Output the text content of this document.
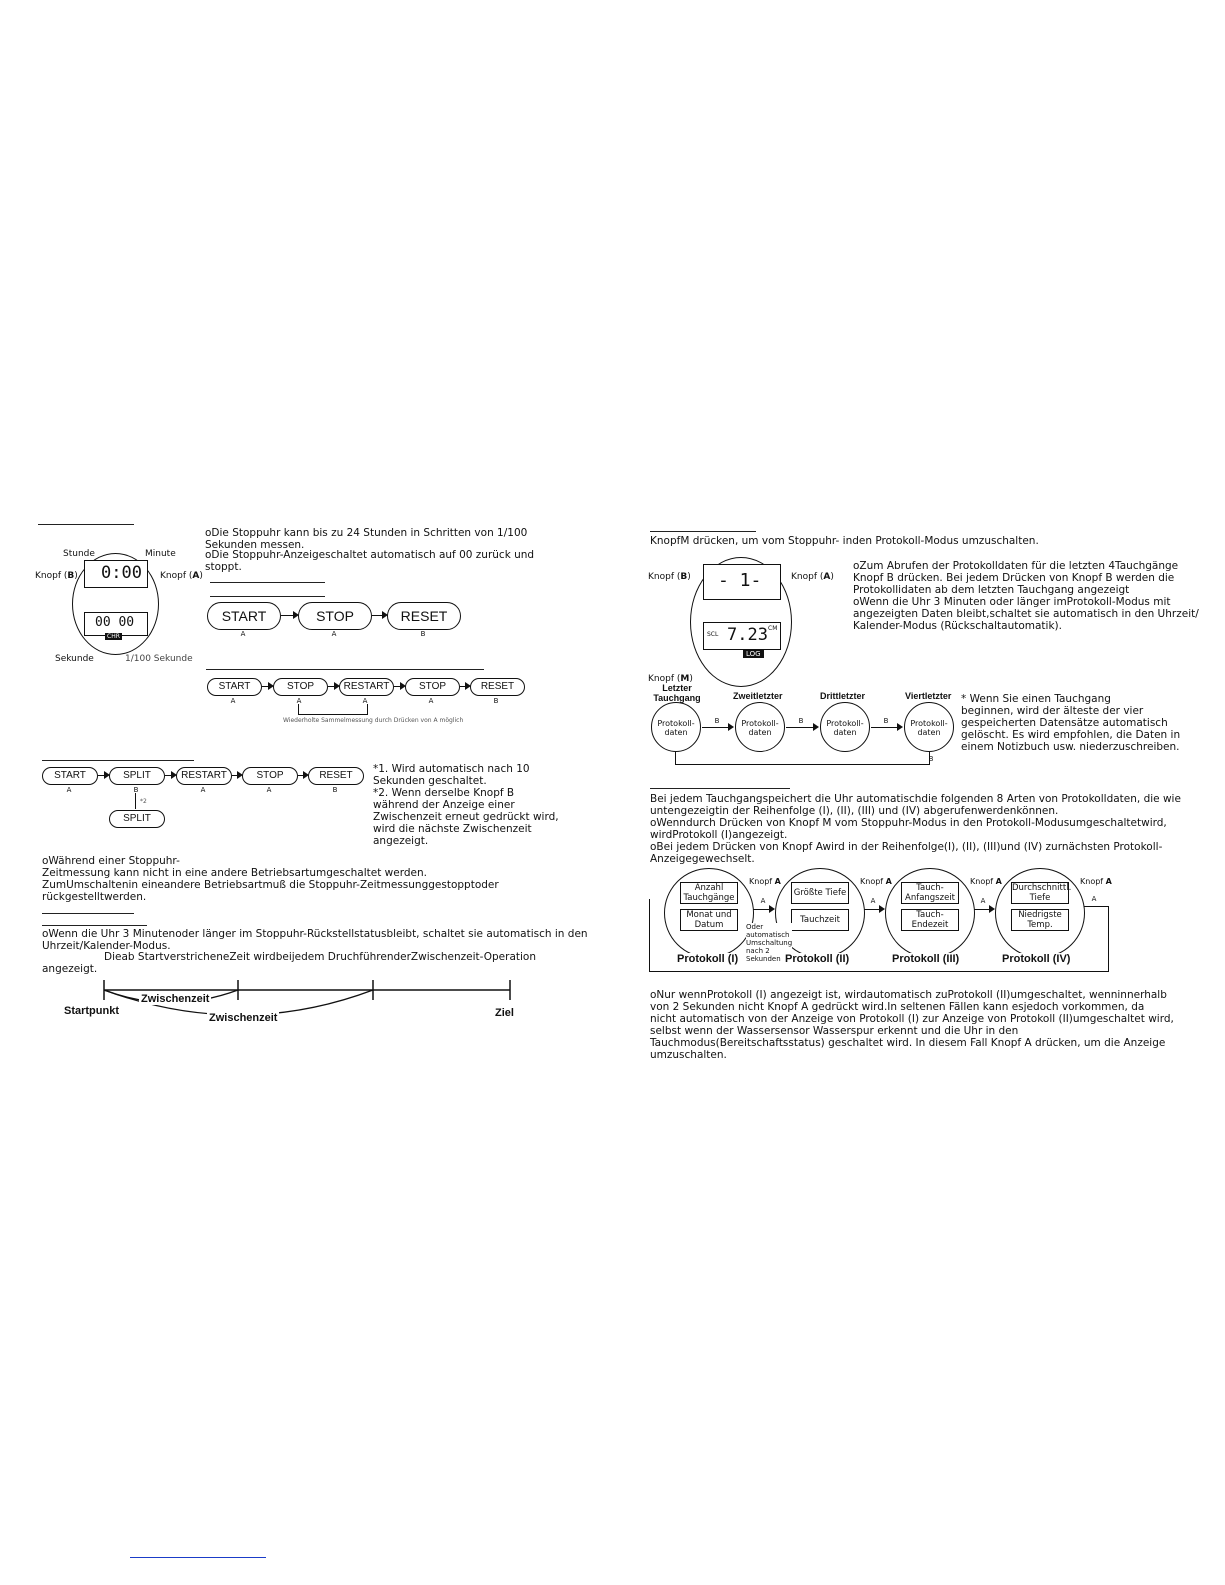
oDie Stoppuhr kann bis zu 24 Stunden in Schritten von 1/100
Sekunden messen.
oDie Stoppuhr-Anzeigeschaltet automatisch auf 00 zurück und
stoppt.
Stunde	Minute
Knopf (B)	Knopf (A)
0:00
00 00
CHR
Sekunde	1/100 Sekunde
START	STOP	RESET
A	A	B
START	STOP	RESTART	STOP	RESET
A	A	A	A	B
Wiederholte Sammelmessung durch Drücken von A möglich
START	SPLIT	RESTART	STOP	RESET
A	B	A	A	B
*2
SPLIT
*1. Wird automatisch nach 10
Sekunden geschaltet.
*2. Wenn derselbe Knopf B
während der Anzeige einer
Zwischenzeit erneut gedrückt wird,
wird die nächste Zwischenzeit
angezeigt.
oWährend einer Stoppuhr-
Zeitmessung kann nicht in eine andere Betriebsartumgeschaltet werden.
ZumUmschaltenin eineandere Betriebsartmuß die Stoppuhr-Zeitmessunggestopptoder
rückgestelltwerden.
oWenn die Uhr 3 Minutenoder länger im Stoppuhr-Rückstellstatusbleibt, schaltet sie automatisch in den
Uhrzeit/Kalender-Modus.
Dieab StartverstricheneZeit wirdbeijedem DruchführenderZwischenzeit-Operation
angezeigt.
Zwischenzeit
Zwischenzeit
Startpunkt	Ziel
KnopfM drücken, um vom Stoppuhr- inden Protokoll-Modus umzuschalten.
Knopf (B)	Knopf (A)
Knopf (M)
- 1-
SCL 7.23 CM
LOG
oZum Abrufen der Protokolldaten für die letzten 4Tauchgänge
Knopf B drücken. Bei jedem Drücken von Knopf B werden die
Protokollidaten ab dem letzten Tauchgang angezeigt
oWenn die Uhr 3 Minuten oder länger imProtokoll-Modus mit
angezeigten Daten bleibt,schaltet sie automatisch in den Uhrzeit/
Kalender-Modus (Rückschaltautomatik).
Letzter
Tauchgang	Zweitletzter	Drittletzter	Viertletzter
Protokoll-
daten
Protokoll-
daten
Protokoll-
daten
Protokoll-
daten
B	B	B
B
* Wenn Sie einen Tauchgang
beginnen, wird der älteste der vier
gespeicherten Datensätze automatisch
gelöscht. Es wird empfohlen, die Daten in
einem Notizbuch usw. niederzuschreiben.
Bei jedem Tauchgangspeichert die Uhr automatischdie folgenden 8 Arten von Protokolldaten, die wie
untengezeigtin der Reihenfolge (I), (II), (III) und (IV) abgerufenwerdenkönnen.
oWenndurch Drücken von Knopf M vom Stoppuhr-Modus in den Protokoll-Modusumgeschaltetwird,
wirdProtokoll (I)angezeigt.
oBei jedem Drücken von Knopf Awird in der Reihenfolge(I), (II), (III)und (IV) zurnächsten Protokoll-
Anzeigegewechselt.
Anzahl
Tauchgänge
Monat und
Datum
Größte Tiefe
Tauchzeit
Tauch-
Anfangszeit
Tauch-
Endezeit
Durchschnittl.
Tiefe
Niedrigste
Temp.
Knopf A	Knopf A	Knopf A	Knopf A
A	A	A	A
Oder
automatisch
Umschaltung
nach 2
Sekunden
Protokoll (I)	Protokoll (II)	Protokoll (III)	Protokoll (IV)
oNur wennProtokoll (I) angezeigt ist, wirdautomatisch zuProtokoll (II)umgeschaltet, wenninnerhalb
von 2 Sekunden nicht Knopf A gedrückt wird.In seltenen Fällen kann esjedoch vorkommen, da
nicht automatisch von der Anzeige von Protokoll (I) zur Anzeige von Protokoll (II)umgeschaltet wird,
selbst wenn der Wassersensor Wasserspur erkennt und die Uhr in den
Tauchmodus(Bereitschaftsstatus) geschaltet wird. In diesem Fall Knopf A drücken, um die Anzeige
umzuschalten.
